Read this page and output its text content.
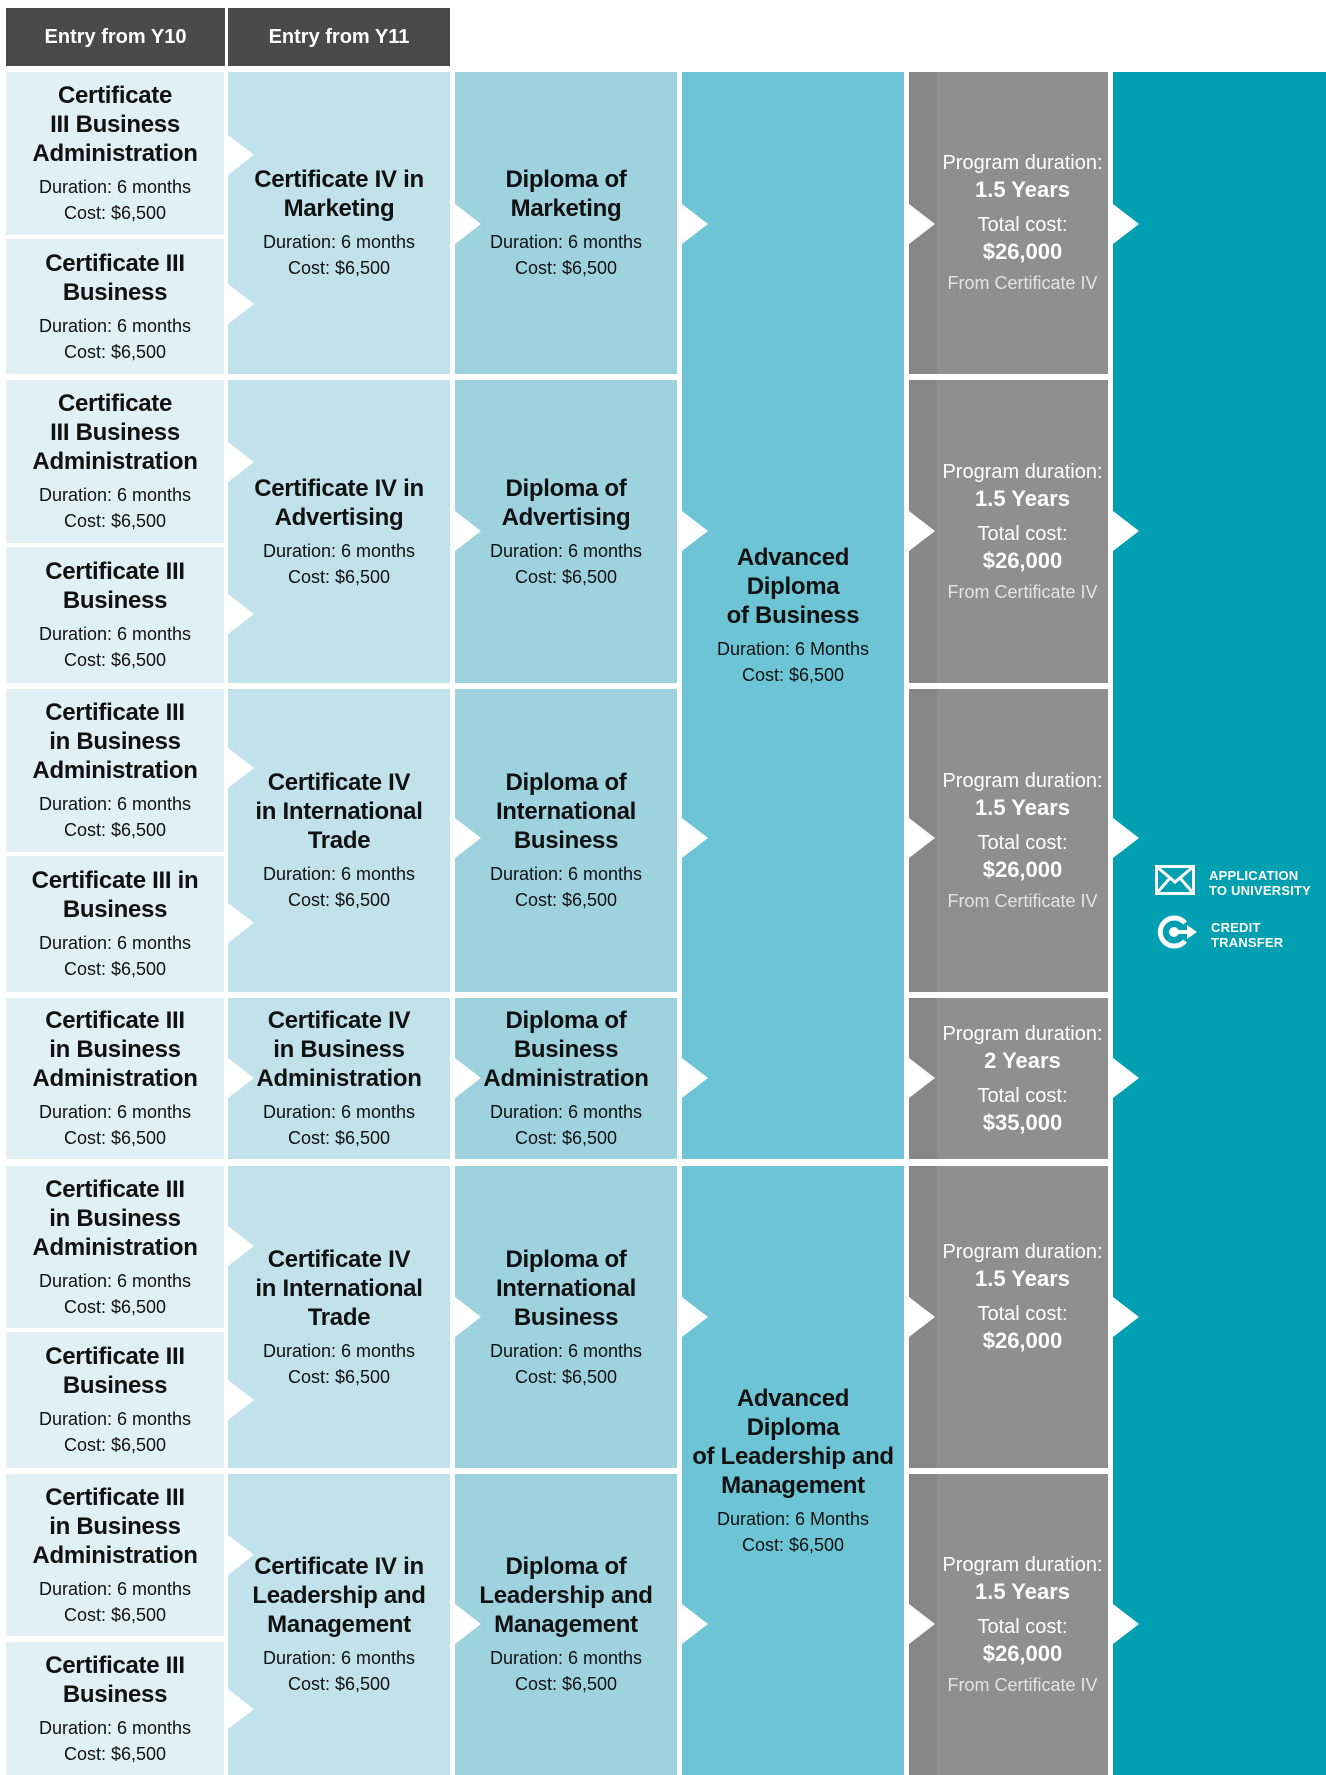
Entry from Y10	Entry from Y11
Certificate
III Business
Administration
Duration: 6 months
Cost: $6,500
Certificate III
Business
Duration: 6 months
Cost: $6,500
Certificate
III Business
Administration
Duration: 6 months
Cost: $6,500
Certificate III
Business
Duration: 6 months
Cost: $6,500
Certificate III
in Business
Administration
Duration: 6 months
Cost: $6,500
Certificate III in
Business
Duration: 6 months
Cost: $6,500
Certificate III
in Business
Administration
Duration: 6 months
Cost: $6,500
Certificate III
in Business
Administration
Duration: 6 months
Cost: $6,500
Certificate III
Business
Duration: 6 months
Cost: $6,500
Certificate III
in Business
Administration
Duration: 6 months
Cost: $6,500
Certificate III
Business
Duration: 6 months
Cost: $6,500
Certificate IV in
Marketing
Duration: 6 months
Cost: $6,500
Certificate IV in
Advertising
Duration: 6 months
Cost: $6,500
Certificate IV
in International
Trade
Duration: 6 months
Cost: $6,500
Certificate IV
in Business
Administration
Duration: 6 months
Cost: $6,500
Certificate IV
in International
Trade
Duration: 6 months
Cost: $6,500
Certificate IV in
Leadership and
Management
Duration: 6 months
Cost: $6,500
Diploma of
Marketing
Duration: 6 months
Cost: $6,500
Diploma of
Advertising
Duration: 6 months
Cost: $6,500
Diploma of
International
Business
Duration: 6 months
Cost: $6,500
Diploma of
Business
Administration
Duration: 6 months
Cost: $6,500
Diploma of
International
Business
Duration: 6 months
Cost: $6,500
Diploma of
Leadership and
Management
Duration: 6 months
Cost: $6,500
Advanced
Diploma
of Business
Duration: 6 Months
Cost: $6,500
Advanced
Diploma
of Leadership and
Management
Duration: 6 Months
Cost: $6,500
Program duration:
1.5 Years
Total cost:
$26,000
From Certificate IV
Program duration:
1.5 Years
Total cost:
$26,000
From Certificate IV
Program duration:
1.5 Years
Total cost:
$26,000
From Certificate IV
Program duration:
2 Years
Total cost:
$35,000
Program duration:
1.5 Years
Total cost:
$26,000
Program duration:
1.5 Years
Total cost:
$26,000
From Certificate IV
APPLICATION
TO UNIVERSITY
CREDIT
TRANSFER
